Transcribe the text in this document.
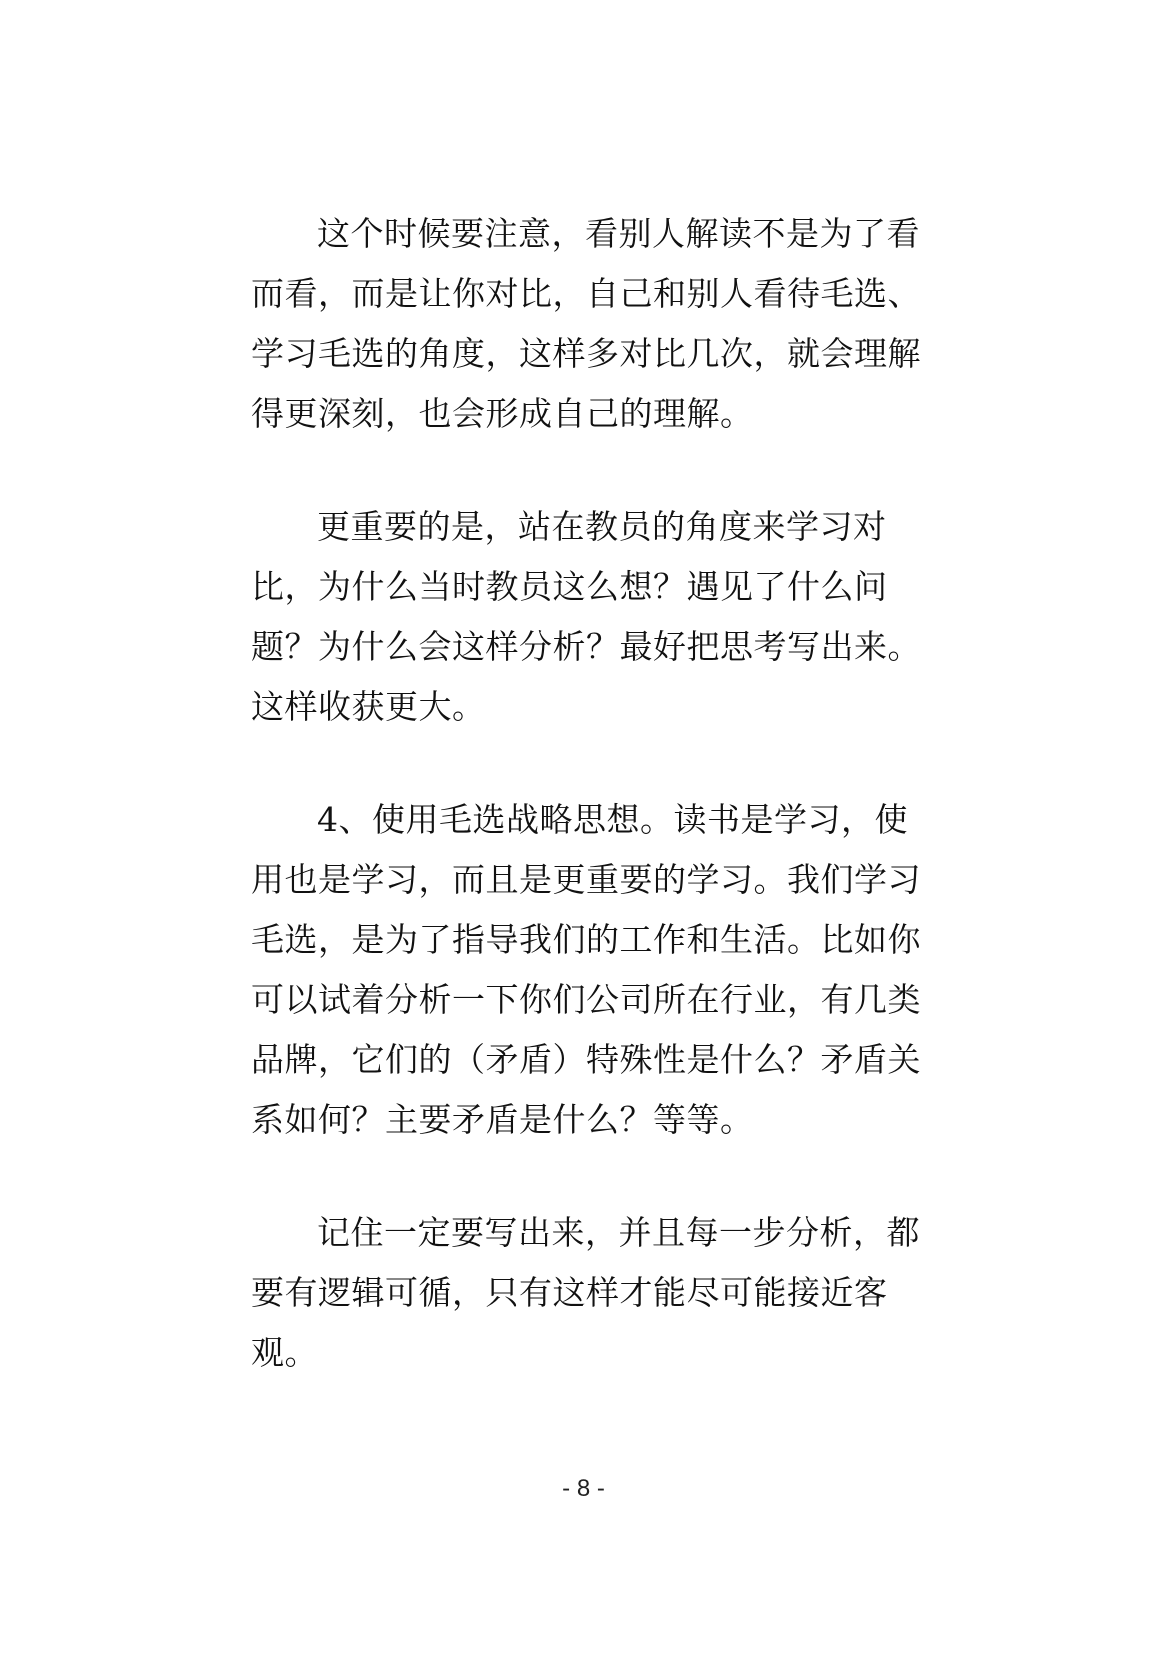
这个时候要注意，看别人解读不是为了看
而看，而是让你对比，自己和别人看待毛选、
学习毛选的角度，这样多对比几次，就会理解
得更深刻，也会形成自己的理解。
更重要的是，站在教员的角度来学习对
比，为什么当时教员这么想？遇见了什么问
题？为什么会这样分析？最好把思考写出来。
这样收获更大。
4、使用毛选战略思想。读书是学习，使
用也是学习，而且是更重要的学习。我们学习
毛选，是为了指导我们的工作和生活。比如你
可以试着分析一下你们公司所在行业，有几类
品牌，它们的（矛盾）特殊性是什么？矛盾关
系如何？主要矛盾是什么？等等。
记住一定要写出来，并且每一步分析，都
要有逻辑可循，只有这样才能尽可能接近客
观。
- 8 -
